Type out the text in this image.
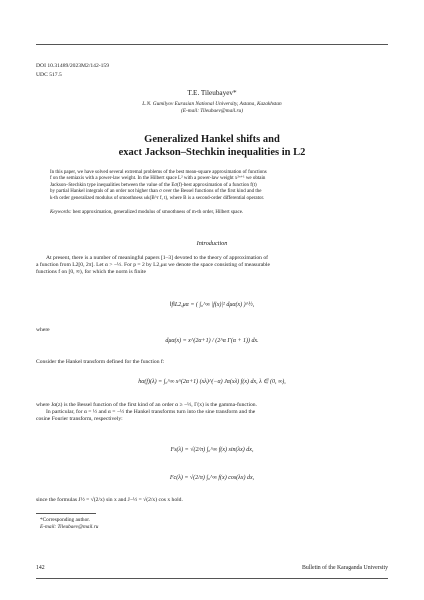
DOI 10.31489/2023M2/142-159
UDC 517.5
T.E. Tileubayev*
L.N. Gumilyov Eurasian National University, Astana, Kazakhstan
(E-mail: Tileubaev@mail.ru)
Generalized Hankel shifts and
exact Jackson–Stechkin inequalities in L2
In this paper, we have solved several extremal problems of the best mean-square approximation of functions
f on the semiaxis with a power-law weight. In the Hilbert space L² with a power-law weight x²ᵅ⁺¹ we obtain
Jackson–Stechkin type inequalities between the value of the Eσ(f)-best approximation of a function f(t)
by partial Hankel integrals of an order not higher than σ over the Bessel functions of the first kind and the
k-th order generalized modulus of smoothness ωk(B^r f, t), where B is a second-order differential operator.
Keywords: best approximation, generalized modulus of smoothness of m-th order, Hilbert space.
Introduction
At present, there is a number of meaningful papers [1–3] devoted to the theory of approximation of
a function from L2[0, 2π]. Let α > −½. For p = 2 by L2,μα we denote the space consisting of measurable
functions f on [0, ∞), for which the norm is finite
‖f‖L2,μα = ( ∫₀^∞ |f(x)|² dμα(x) )^½,
where
dμα(x) = x^(2α+1) / (2^α Γ(α + 1)) dx.
Consider the Hankel transform defined for the function f:
hα(f)(λ) = ∫₀^∞ x^(2α+1) (xλ)^(−α) Jα(xλ) f(x) dx, λ ∈ (0, ∞),
where Jα(z) is the Bessel function of the first kind of an order α ≥ −½, Γ(x) is the gamma-function.
In particular, for α = ½ and α = −½ the Hankel transforms turn into the sine transform and the
cosine Fourier transform, respectively:
Fs(λ) = √(2/π) ∫₀^∞ f(x) sin(λx) dx,
Fc(λ) = √(2/π) ∫₀^∞ f(x) cos(λx) dx,
since the formulas J½ = √(2/x) sin x and J−½ = √(2/x) cos x hold.
*Corresponding author.
E-mail: Tileubaev@mail.ru
142	Bulletin of the Karaganda University
